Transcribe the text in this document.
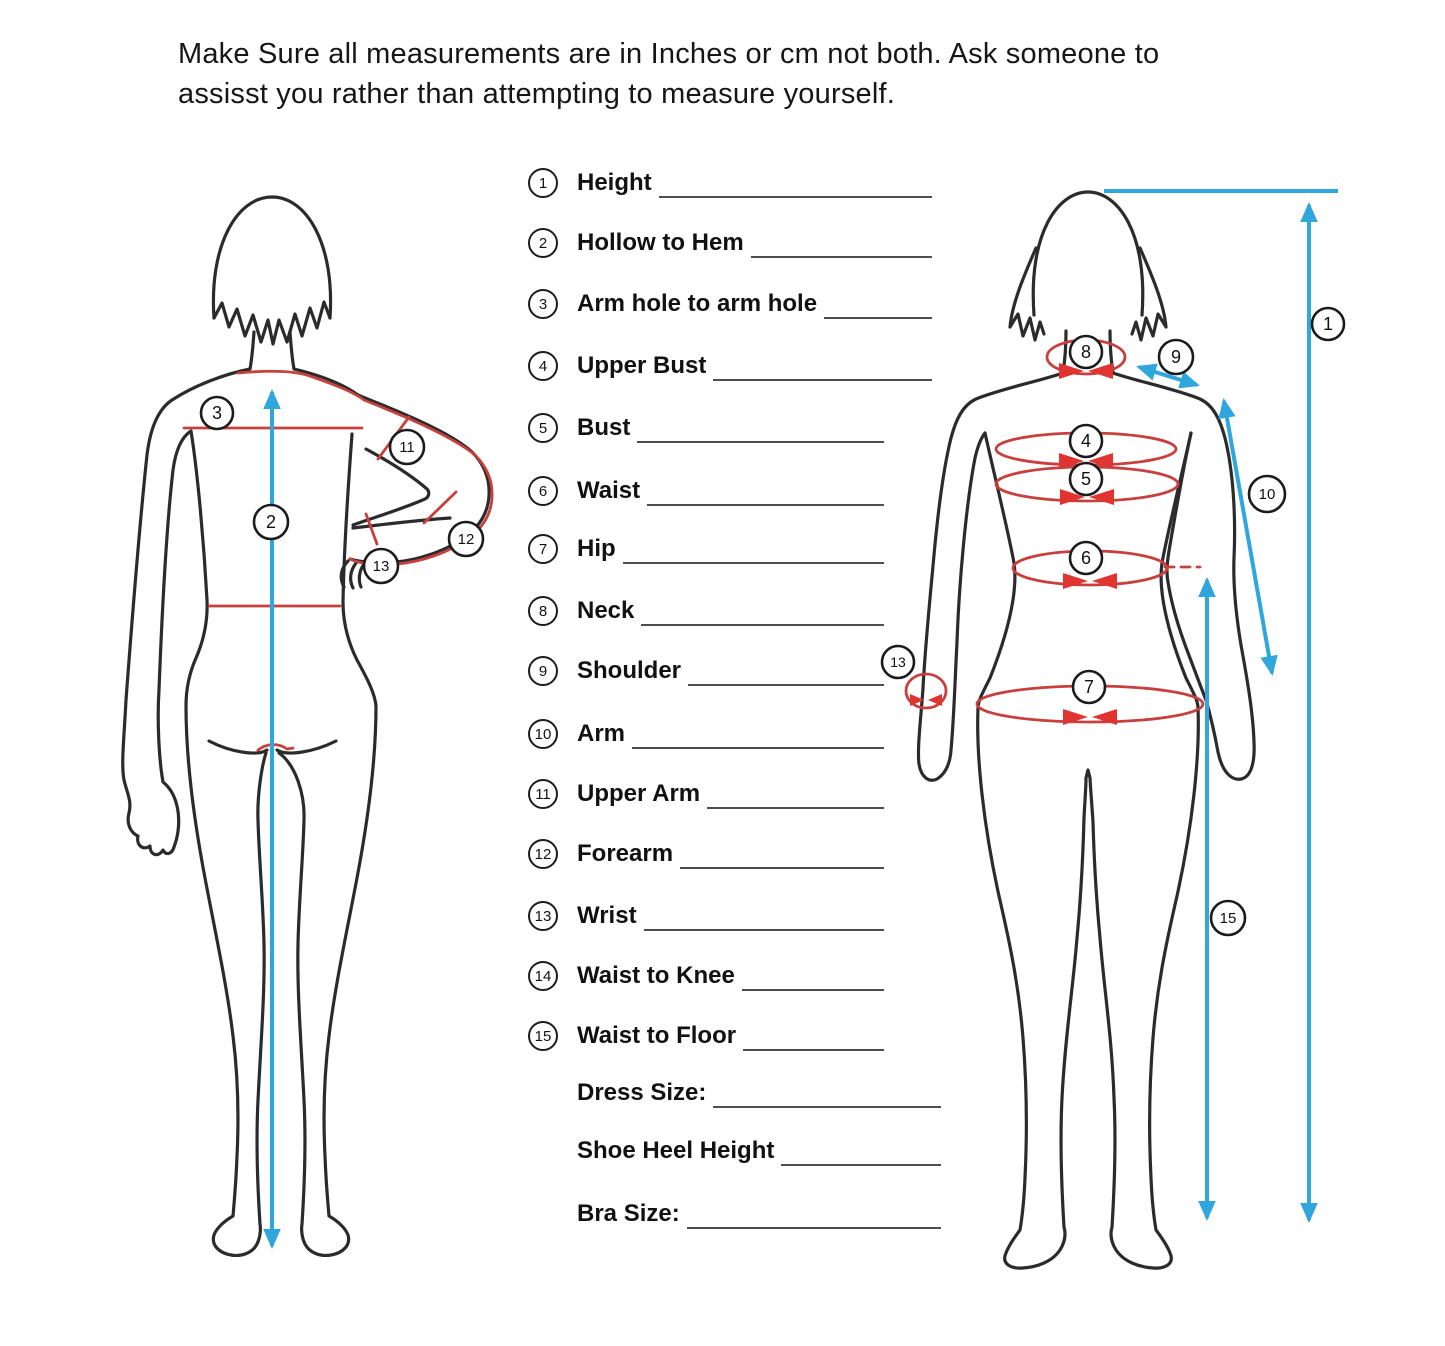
Make Sure all measurements are in Inches or cm not both. Ask someone to
assisst you rather than attempting to measure yourself.
3
2
11
12
13
8	9
4
5
6
7
13
10
15
1
1 Height
2 Hollow to Hem
3 Arm hole to arm hole
4 Upper Bust
5 Bust
6 Waist
7 Hip
8 Neck
9 Shoulder
10 Arm
11 Upper Arm
12 Forearm
13 Wrist
14 Waist to Knee
15 Waist to Floor
Dress Size:
Shoe Heel Height
Bra Size:
